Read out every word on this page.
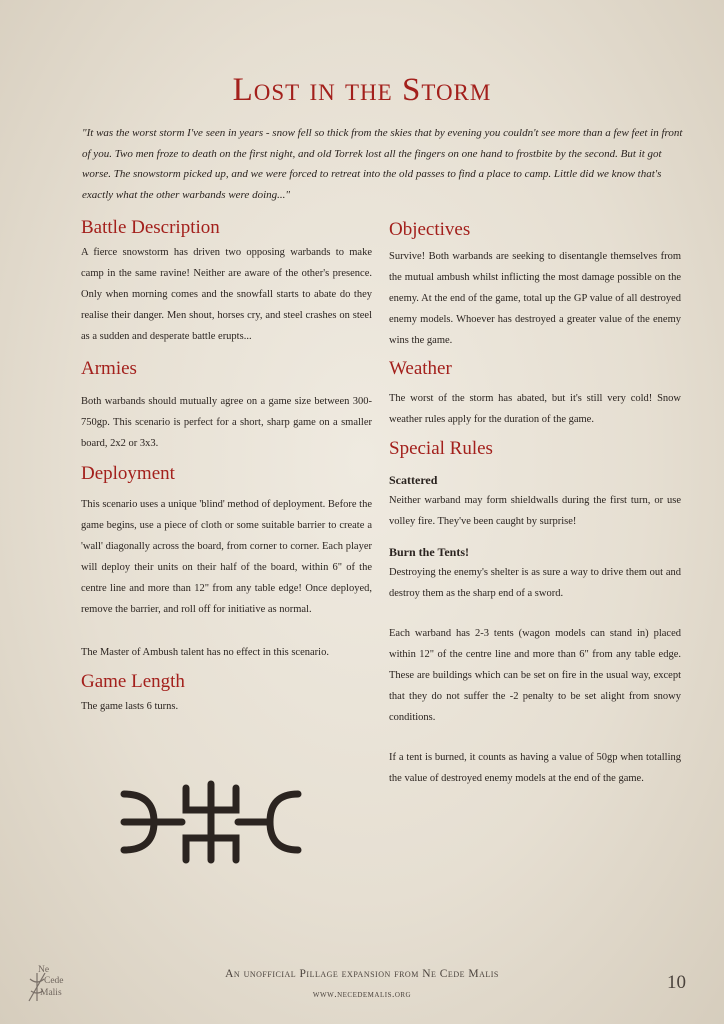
Lost in the Storm

"It was the worst storm I've seen in years - snow fell so thick from the skies that by evening you couldn't see more than a few feet in front of you. Two men froze to death on the first night, and old Torrek lost all the fingers on one hand to frostbite by the second. But it got worse. The snowstorm picked up, and we were forced to retreat into the old passes to find a place to camp. Little did we know that's exactly what the other warbands were doing..."

Battle Description

A fierce snowstorm has driven two opposing warbands to make camp in the same ravine! Neither are aware of the other's presence. Only when morning comes and the snowfall starts to abate do they realise their danger. Men shout, horses cry, and steel crashes on steel as a sudden and desperate battle erupts...

Armies

Both warbands should mutually agree on a game size between 300-750gp. This scenario is perfect for a short, sharp game on a smaller board, 2x2 or 3x3.

Deployment

This scenario uses a unique 'blind' method of deployment. Before the game begins, use a piece of cloth or some suitable barrier to create a 'wall' diagonally across the board, from corner to corner. Each player will deploy their units on their half of the board, within 6" of the centre line and more than 12" from any table edge! Once deployed, remove the barrier, and roll off for initiative as normal.

The Master of Ambush talent has no effect in this scenario.

Game Length

The game lasts 6 turns.

Objectives

Survive! Both warbands are seeking to disentangle themselves from the mutual ambush whilst inflicting the most damage possible on the enemy. At the end of the game, total up the GP value of all destroyed enemy models. Whoever has destroyed a greater value of the enemy wins the game.

Weather

The worst of the storm has abated, but it's still very cold! Snow weather rules apply for the duration of the game.

Special Rules
Scattered

Neither warband may form shieldwalls during the first turn, or use volley fire. They've been caught by surprise!

Burn the Tents!

Destroying the enemy's shelter is as sure a way to drive them out and destroy them as the sharp end of a sword.

Each warband has 2-3 tents (wagon models can stand in) placed within 12" of the centre line and more than 6" from any table edge. These are buildings which can be set on fire in the usual way, except that they do not suffer the -2 penalty to be set alight from snowy conditions.

If a tent is burned, it counts as having a value of 50gp when totalling the value of destroyed enemy models at the end of the game.

Ne
Cede
Malis
An unofficial Pillage expansion from Ne Cede Malis
www.necedemalis.org
10
